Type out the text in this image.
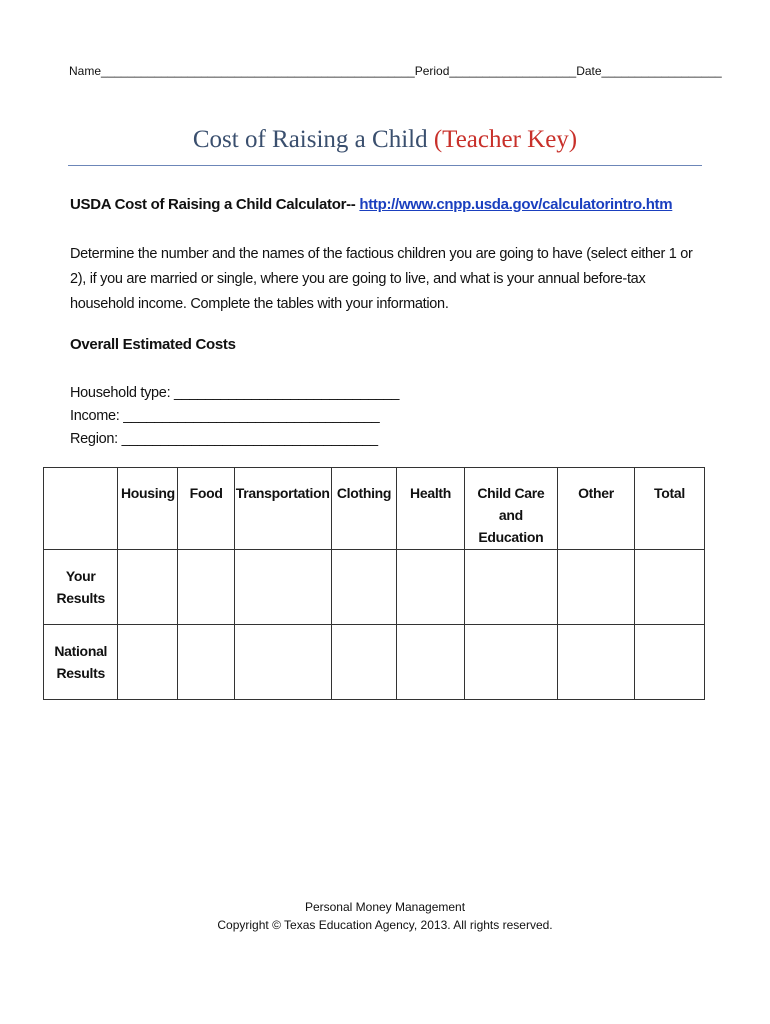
Name_______________________________________________Period___________________Date__________________
Cost of Raising a Child (Teacher Key)
USDA Cost of Raising a Child Calculator-- http://www.cnpp.usda.gov/calculatorintro.htm
Determine the number and the names of the factious children you are going to have (select either 1 or 2), if you are married or single, where you are going to live, and what is your annual before-tax household income. Complete the tables with your information.
Overall Estimated Costs
Household type: _____________________________
Income: _________________________________
Region: _________________________________
	Housing	Food	Transportation	Clothing	Health	Child Care and Education	Other	Total
Your Results								
National Results								
Personal Money Management
Copyright © Texas Education Agency, 2013. All rights reserved.
